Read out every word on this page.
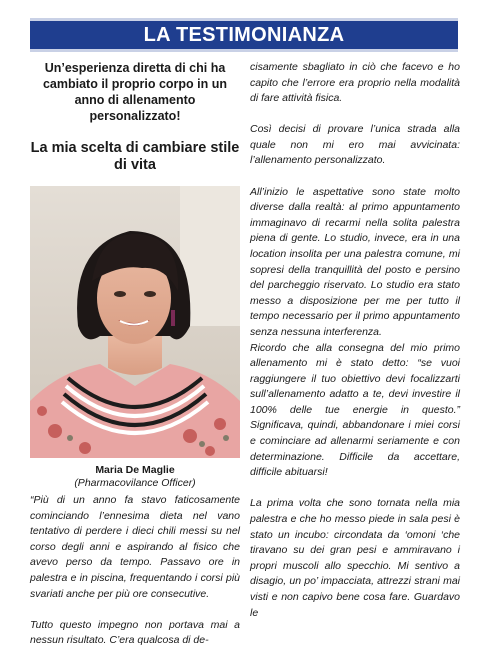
LA TESTIMONIANZA

Un’esperienza diretta di chi ha cambiato il proprio corpo in un anno di allenamento personalizzato!

La mia scelta di cambiare stile di vita

Maria De Maglie
(Pharmacovilance Officer)

“Più di un anno fa stavo faticosamente cominciando l’ennesima dieta nel vano tentativo di perdere i dieci chili messi su nel corso degli anni e aspirando al fisico che avevo perso da tempo. Passavo ore in palestra e in piscina, frequentando i corsi più svariati anche per più ore consecutive.

Tutto questo impegno non portava mai a nessun risultato. C’era qualcosa di de-

cisamente sbagliato in ciò che facevo e ho capito che l’errore era proprio nella modalità di fare attività fisica.

Così decisi di provare l’unica strada alla quale non mi ero mai avvicinata: l’allenamento personalizzato.

All’inizio le aspettative sono state molto diverse dalla realtà: al primo appuntamento immaginavo di recarmi nella solita palestra piena di gente. Lo studio, invece, era in una location insolita per una palestra comune, mi sopresi della tranquillità del posto e persino del parcheggio riservato. Lo studio era stato messo a disposizione per me per tutto il tempo necessario per il primo appuntamento senza nessuna interferenza.

Ricordo che alla consegna del mio primo allenamento mi è stato detto: “se vuoi raggiungere il tuo obiettivo devi focalizzarti sull’allenamento adatto a te, devi investire il 100% delle tue energie in questo.” Significava, quindi, abbandonare i miei corsi e cominciare ad allenarmi seriamente e con determinazione. Difficile da accettare, difficile abituarsi!

La prima volta che sono tornata nella mia palestra e che ho messo piede in sala pesi è stato un incubo: circondata da ‘omoni ‘che tiravano su dei gran pesi e ammiravano i propri muscoli allo specchio. Mi sentivo a disagio, un po’ impacciata, attrezzi strani mai visti e non capivo bene cosa fare. Guardavo le
